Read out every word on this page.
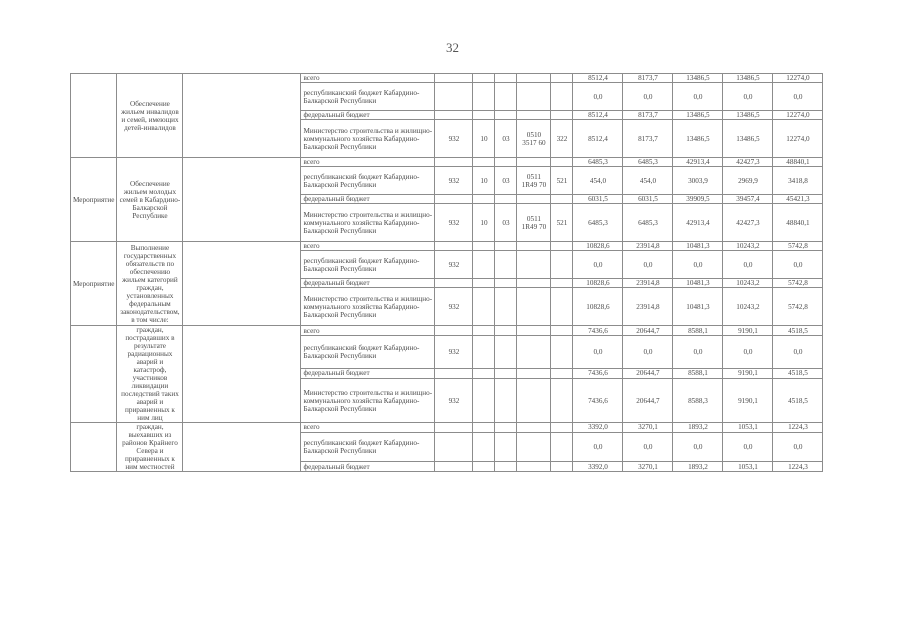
32
	Обеспечение жильем инвалидов и семей, имеющих детей-инвалидов		всего						8512,4	8173,7	13486,5	13486,5	12274,0
			республиканский бюджет Кабардино-Балкарской Республики						0,0	0,0	0,0	0,0	0,0
			федеральный бюджет						8512,4	8173,7	13486,5	13486,5	12274,0
			Министерство строительства и жилищно-коммунального хозяйства Кабардино-Балкарской Республики	932	10	03	0510 3517 60	322	8512,4	8173,7	13486,5	13486,5	12274,0
Мероприятие	Обеспечение жильем молодых семей в Кабардино-Балкарской Республике		всего						6485,3	6485,3	42913,4	42427,3	48840,1
			республиканский бюджет Кабардино-Балкарской Республики	932	10	03	0511 1R49 70	521	454,0	454,0	3003,9	2969,9	3418,8
			федеральный бюджет						6031,5	6031,5	39909,5	39457,4	45421,3
			Министерство строительства и жилищно-коммунального хозяйства Кабардино-Балкарской Республики	932	10	03	0511 1R49 70	521	6485,3	6485,3	42913,4	42427,3	48840,1
Мероприятие	Выполнение государственных обязательств по обеспечению жильем категорий граждан, установленных федеральным законодательством, в том числе:		всего						10828,6	23914,8	10481,3	10243,2	5742,8
			республиканский бюджет Кабардино-Балкарской Республики	932					0,0	0,0	0,0	0,0	0,0
			федеральный бюджет						10828,6	23914,8	10481,3	10243,2	5742,8
			Министерство строительства и жилищно-коммунального хозяйства Кабардино-Балкарской Республики	932					10828,6	23914,8	10481,3	10243,2	5742,8
	граждан, пострадавших в результате радиационных аварий и катастроф, участников ликвидации последствий таких аварий и приравненных к ним лиц		всего						7436,6	20644,7	8588,1	9190,1	4518,5
			республиканский бюджет Кабардино-Балкарской Республики	932					0,0	0,0	0,0	0,0	0,0
			федеральный бюджет						7436,6	20644,7	8588,1	9190,1	4518,5
			Министерство строительства и жилищно-коммунального хозяйства Кабардино-Балкарской Республики	932					7436,6	20644,7	8588,3	9190,1	4518,5
	граждан, выехавших из районов Крайнего Севера и приравненных к ним местностей		всего						3392,0	3270,1	1893,2	1053,1	1224,3
			республиканский бюджет Кабардино-Балкарской Республики						0,0	0,0	0,0	0,0	0,0
			федеральный бюджет						3392,0	3270,1	1893,2	1053,1	1224,3
